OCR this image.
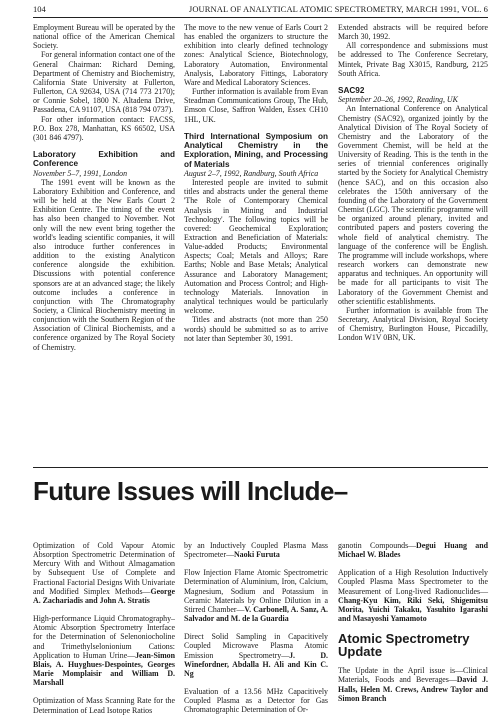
104	JOURNAL OF ANALYTICAL ATOMIC SPECTROMETRY, MARCH 1991, VOL. 6

Employment Bureau will be operated by the national office of the American Chemical Society.

For general information contact one of the General Chairman: Richard Deming, Department of Chemistry and Biochemistry, California State University at Fullerton, Fullerton, CA 92634, USA (714 773 2170); or Connie Sobel, 1800 N. Altadena Drive, Passadena, CA 91107, USA (818 794 0737).

For other information contact: FACSS, P.O. Box 278, Manhattan, KS 66502, USA (301 846 4797).

Laboratory Exhibition and Conference

November 5–7, 1991, London

The 1991 event will be known as the Laboratory Exhibition and Conference, and will be held at the New Earls Court 2 Exhibition Centre. The timing of the event has also been changed to November. Not only will the new event bring together the world's leading scientific companies, it will also introduce further conferences in addition to the existing Analyticon conference alongside the exhibition. Discussions with potential conference sponsors are at an advanced stage; the likely outcome includes a conference in conjunction with The Chromatography Society, a Clinical Biochemistry meeting in conjunction with the Southern Region of the Association of Clinical Biochemists, and a conference organized by The Royal Society of Chemistry.

The move to the new venue of Earls Court 2 has enabled the organizers to structure the exhibition into clearly defined technology zones: Analytical Science, Biotechnology, Laboratory Automation, Environmental Analysis, Laboratory Fittings, Laboratory Ware and Medical Laboratory Sciences.

Further information is available from Evan Steadman Communications Group, The Hub, Emson Close, Saffron Walden, Essex CH10 1HL, UK.

Third International Symposium on Analytical Chemistry in the Exploration, Mining, and Processing of Materials

August 2–7, 1992, Randburg, South Africa

Interested people are invited to submit titles and abstracts under the general theme 'The Role of Contemporary Chemical Analysis in Mining and Industrial Technology'. The following topics will be covered: Geochemical Exploration; Extraction and Beneficiation of Materials: Value-added Products; Environmental Aspects; Coal; Metals and Alloys; Rare Earths; Noble and Base Metals; Analytical Assurance and Laboratory Management; Automation and Process Control; and High-technology Materials. Innovation in analytical techniques would be particularly welcome.

Titles and abstracts (not more than 250 words) should be submitted so as to arrive not later than September 30, 1991.

Extended abstracts will be required before March 30, 1992.

All correspondence and submissions must be addressed to The Conference Secretary, Mintek, Private Bag X3015, Randburg, 2125 South Africa.

SAC92

September 20–26, 1992, Reading, UK

An International Conference on Analytical Chemistry (SAC92), organized jointly by the Analytical Division of The Royal Society of Chemistry and the Laboratory of the Government Chemist, will be held at the University of Reading. This is the tenth in the series of triennial conferences originally started by the Society for Analytical Chemistry (hence SAC), and on this occasion also celebrates the 150th anniversary of the founding of the Laboratory of the Government Chemist (LGC). The scientific programme will be organized around plenary, invited and contributed papers and posters covering the whole field of analytical chemistry. The language of the conference will be English. The programme will include workshops, where research workers can demonstrate new apparatus and techniques. An opportunity will be made for all participants to visit The Laboratory of the Government Chemist and other scientific establishments.

Further information is available from The Secretary, Analytical Division, Royal Society of Chemistry, Burlington House, Piccadilly, London W1V 0BN, UK.

Future Issues will Include–

Optimization of Cold Vapour Atomic Absorption Spectrometric Determination of Mercury With and Without Almagamation by Subsequent Use of Complete and Fractional Factorial Designs With Univariate and Modified Simplex Methods—George A. Zachariadis and John A. Stratis

High-performance Liquid Chromatography–Atomic Absorption Spectrometry Interface for the Determination of Selenonіocholine and Trimethylselonionium Cations: Application to Human Urine—Jean-Simon Blais, A. Huyghues-Despointes, Georges Marie Momplaisir and William D. Marshall

Optimization of Mass Scanning Rate for the Determination of Lead Isotope Ratios

by an Inductively Coupled Plasma Mass Spectrometer—Naoki Furuta

Flow Injection Flame Atomic Spectrometric Determination of Aluminium, Iron, Calcium, Magnesium, Sodium and Potassium in Ceramic Materials by Online Dilution in a Stirred Chamber—V. Carbonell, A. Sanz, A. Salvador and M. de la Guardia

Direct Solid Sampling in Capacitively Coupled Microwave Plasma Atomic Emission Spectrometry—J. D. Winefordner, Abdalla H. Ali and Kin C. Ng

Evaluation of a 13.56 MHz Capacitively Coupled Plasma as a Detector for Gas Chromatographic Determination of Or-

ganotin Compounds—Degui Huang and Michael W. Blades

Application of a High Resolution Inductively Coupled Plasma Mass Spectrometer to the Measurement of Long-lived Radionuclides—Chang-Kyu Kim, Riki Seki, Shigemitsu Morita, Yuichi Takaku, Yasuhito Igarashi and Masayoshi Yamamoto

Atomic Spectrometry Update

The Update in the April issue is—Clinical Materials, Foods and Beverages—David J. Halls, Helen M. Crews, Andrew Taylor and Simon Branch
